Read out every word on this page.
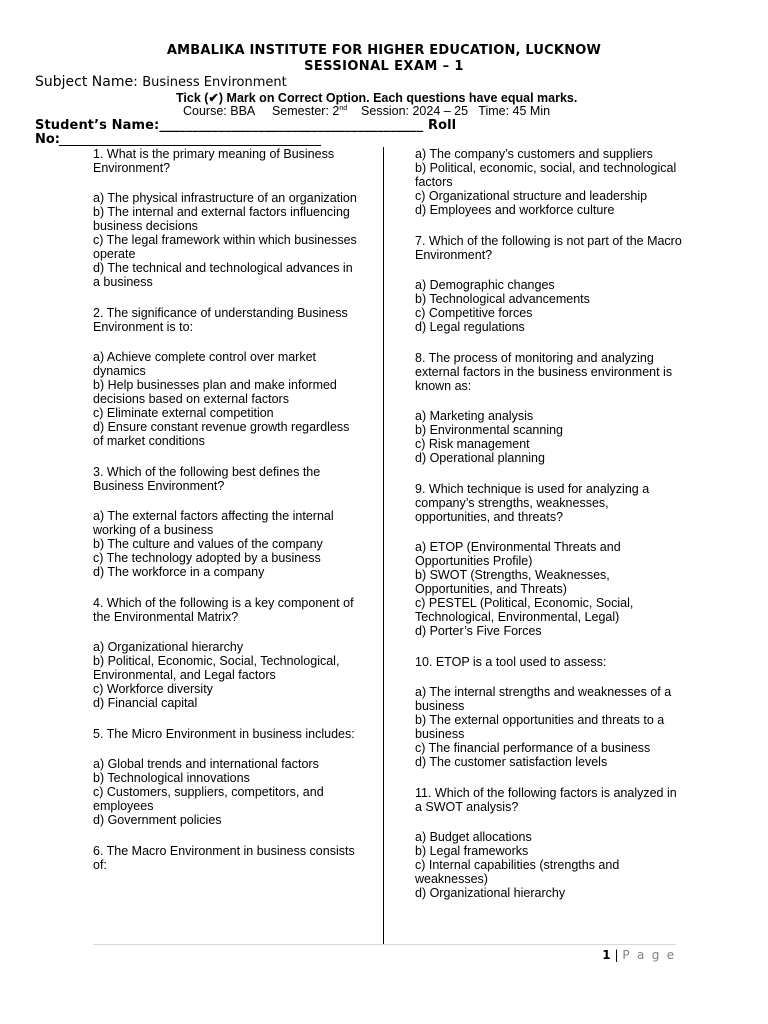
AMBALIKA INSTITUTE FOR HIGHER EDUCATION, LUCKNOW
SESSIONAL EXAM – 1
Subject Name: Business Environment
Tick (✔) Mark on Correct Option. Each questions have equal marks.
Course: BBA Semester: 2nd Session: 2024 – 25 Time: 45 Min
Student’s Name:________________________________________ Roll
No:

1. What is the primary meaning of Business Environment?

a) The physical infrastructure of an organization

b) The internal and external factors influencing business decisions

c) The legal framework within which businesses operate

d) The technical and technological advances in a business

2. The significance of understanding Business Environment is to:

a) Achieve complete control over market dynamics

b) Help businesses plan and make informed decisions based on external factors

c) Eliminate external competition

d) Ensure constant revenue growth regardless of market conditions

3. Which of the following best defines the Business Environment?

a) The external factors affecting the internal working of a business

b) The culture and values of the company

c) The technology adopted by a business

d) The workforce in a company

4. Which of the following is a key component of the Environmental Matrix?

a) Organizational hierarchy

b) Political, Economic, Social, Technological, Environmental, and Legal factors

c) Workforce diversity

d) Financial capital

5. The Micro Environment in business includes:

a) Global trends and international factors

b) Technological innovations

c) Customers, suppliers, competitors, and employees

d) Government policies

6. The Macro Environment in business consists of:

a) The company’s customers and suppliers

b) Political, economic, social, and technological factors

c) Organizational structure and leadership

d) Employees and workforce culture

7. Which of the following is not part of the Macro Environment?

a) Demographic changes

b) Technological advancements

c) Competitive forces

d) Legal regulations

8. The process of monitoring and analyzing external factors in the business environment is known as:

a) Marketing analysis

b) Environmental scanning

c) Risk management

d) Operational planning

9. Which technique is used for analyzing a company’s strengths, weaknesses, opportunities, and threats?

a) ETOP (Environmental Threats and Opportunities Profile)

b) SWOT (Strengths, Weaknesses, Opportunities, and Threats)

c) PESTEL (Political, Economic, Social, Technological, Environmental, Legal)

d) Porter’s Five Forces

10. ETOP is a tool used to assess:

a) The internal strengths and weaknesses of a business

b) The external opportunities and threats to a business

c) The financial performance of a business

d) The customer satisfaction levels

11. Which of the following factors is analyzed in a SWOT analysis?

a) Budget allocations

b) Legal frameworks

c) Internal capabilities (strengths and weaknesses)

d) Organizational hierarchy

1 | P a g e
